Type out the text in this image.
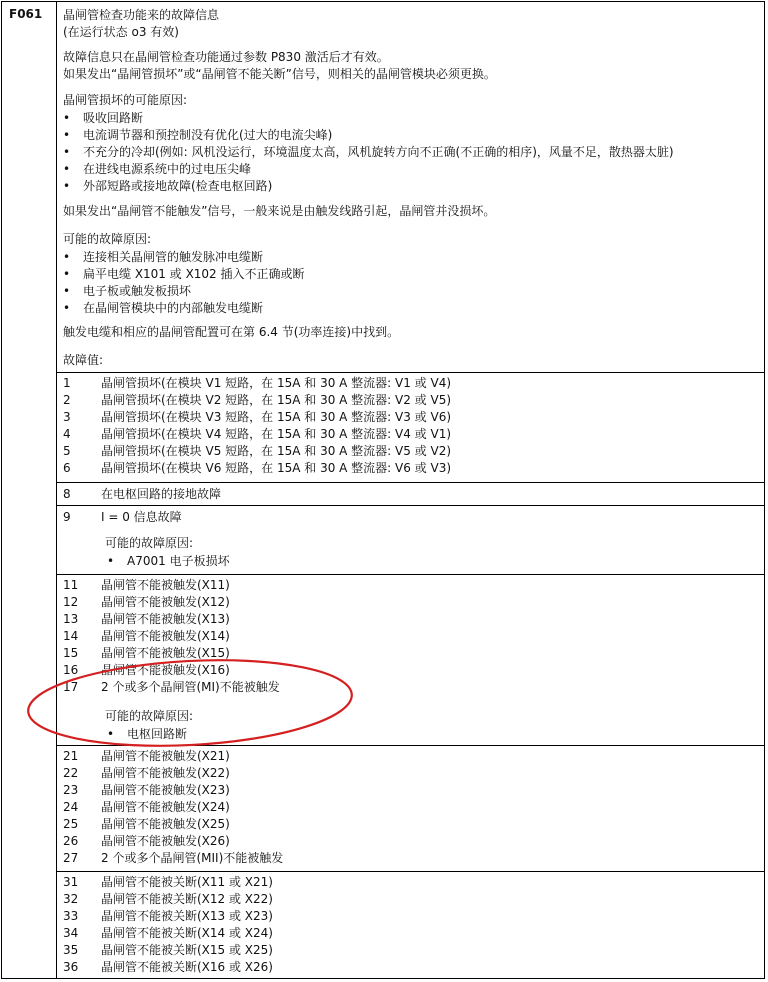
F061 晶闸管检查功能来的故障信息
(在运行状态 o3 有效)
故障信息只在晶闸管检查功能通过参数 P830 激活后才有效。
如果发出“晶闸管损坏”或“晶闸管不能关断”信号，则相关的晶闸管模块必须更换。
晶闸管损坏的可能原因:
• 吸收回路断
• 电流调节器和预控制没有优化(过大的电流尖峰)
• 不充分的冷却(例如: 风机没运行，环境温度太高，风机旋转方向不正确(不正确的相序)，风量不足，散热器太脏)
• 在进线电源系统中的过电压尖峰
• 外部短路或接地故障(检查电枢回路)
如果发出“晶闸管不能触发”信号，一般来说是由触发线路引起，晶闸管并没损坏。
可能的故障原因:
• 连接相关晶闸管的触发脉冲电缆断
• 扁平电缆 X101 或 X102 插入不正确或断
• 电子板或触发板损坏
• 在晶闸管模块中的内部触发电缆断
触发电缆和相应的晶闸管配置可在第 6.4 节(功率连接)中找到。
故障值:
1	晶闸管损坏(在模块 V1 短路，在 15A 和 30 A 整流器: V1 或 V4)
2	晶闸管损坏(在模块 V2 短路，在 15A 和 30 A 整流器: V2 或 V5)
3	晶闸管损坏(在模块 V3 短路，在 15A 和 30 A 整流器: V3 或 V6)
4	晶闸管损坏(在模块 V4 短路，在 15A 和 30 A 整流器: V4 或 V1)
5	晶闸管损坏(在模块 V5 短路，在 15A 和 30 A 整流器: V5 或 V2)
6	晶闸管损坏(在模块 V6 短路，在 15A 和 30 A 整流器: V6 或 V3)
8	在电枢回路的接地故障
9	I = 0 信息故障
可能的故障原因:
• A7001 电子板损坏
11 晶闸管不能被触发(X11)
12 晶闸管不能被触发(X12)
13 晶闸管不能被触发(X13)
14 晶闸管不能被触发(X14)
15 晶闸管不能被触发(X15)
16 晶闸管不能被触发(X16)
17 2 个或多个晶闸管(MI)不能被触发
可能的故障原因:
• 电枢回路断
21 晶闸管不能被触发(X21)
22 晶闸管不能被触发(X22)
23 晶闸管不能被触发(X23)
24 晶闸管不能被触发(X24)
25 晶闸管不能被触发(X25)
26 晶闸管不能被触发(X26)
27 2 个或多个晶闸管(MII)不能被触发
31 晶闸管不能被关断(X11 或 X21)
32 晶闸管不能被关断(X12 或 X22)
33 晶闸管不能被关断(X13 或 X23)
34 晶闸管不能被关断(X14 或 X24)
35 晶闸管不能被关断(X15 或 X25)
36 晶闸管不能被关断(X16 或 X26)
